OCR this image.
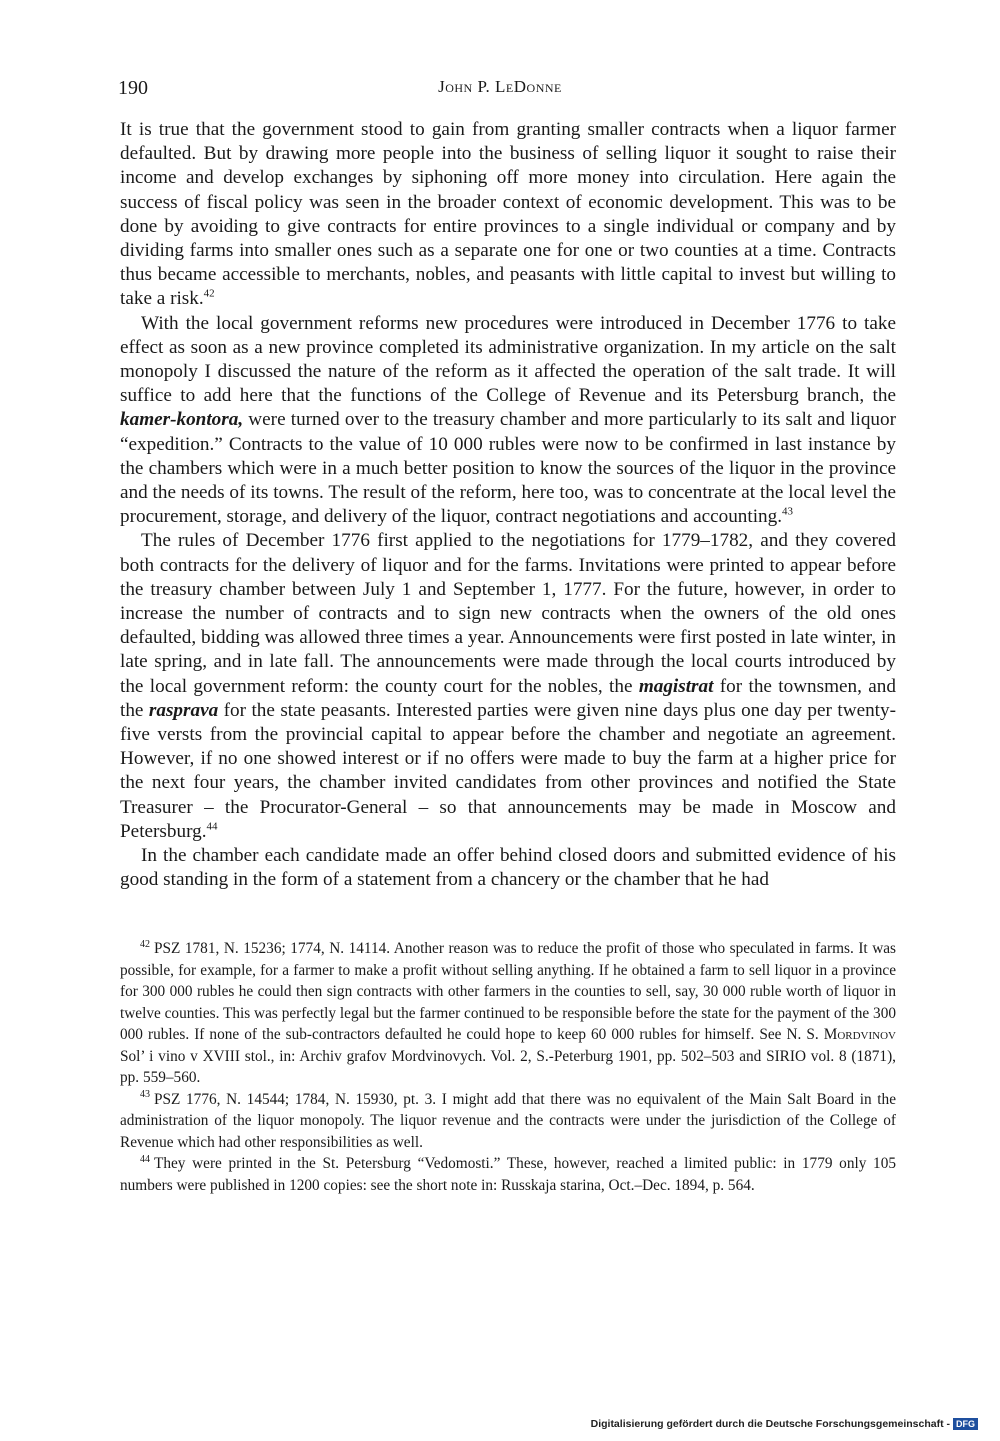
190	John P. LeDonne

It is true that the government stood to gain from granting smaller contracts when a liquor farmer defaulted. But by drawing more people into the business of selling liquor it sought to raise their income and develop exchanges by siphoning off more money into circulation. Here again the success of fiscal policy was seen in the broader context of economic development. This was to be done by avoiding to give contracts for entire provinces to a single individual or company and by dividing farms into smaller ones such as a separate one for one or two counties at a time. Contracts thus became accessible to merchants, nobles, and peasants with little capital to invest but willing to take a risk.$^{42}$

With the local government reforms new procedures were introduced in December 1776 to take effect as soon as a new province completed its administrative organization. In my article on the salt monopoly I discussed the nature of the reform as it affected the operation of the salt trade. It will suffice to add here that the functions of the College of Revenue and its Petersburg branch, the kamer-kontora, were turned over to the treasury chamber and more particularly to its salt and liquor “expedition.” Contracts to the value of 10 000 rubles were now to be confirmed in last instance by the chambers which were in a much better position to know the sources of the liquor in the province and the needs of its towns. The result of the reform, here too, was to concentrate at the local level the procurement, storage, and delivery of the liquor, contract negotiations and accounting.$^{43}$

The rules of December 1776 first applied to the negotiations for 1779–1782, and they covered both contracts for the delivery of liquor and for the farms. Invitations were printed to appear before the treasury chamber between July 1 and September 1, 1777. For the future, however, in order to increase the number of contracts and to sign new contracts when the owners of the old ones defaulted, bidding was allowed three times a year. Announcements were first posted in late winter, in late spring, and in late fall. The announcements were made through the local courts introduced by the local government reform: the county court for the nobles, the magistrat for the townsmen, and the rasprava for the state peasants. Interested parties were given nine days plus one day per twenty-five versts from the provincial capital to appear before the chamber and negotiate an agreement. However, if no one showed interest or if no offers were made to buy the farm at a higher price for the next four years, the chamber invited candidates from other provinces and notified the State Treasurer – the Procurator-General – so that announcements may be made in Moscow and Petersburg.$^{44}$

In the chamber each candidate made an offer behind closed doors and submitted evidence of his good standing in the form of a statement from a chancery or the chamber that he had

$^{42}$ PSZ 1781, N. 15236; 1774, N. 14114. Another reason was to reduce the profit of those who speculated in farms. It was possible, for example, for a farmer to make a profit without selling anything. If he obtained a farm to sell liquor in a province for 300 000 rubles he could then sign contracts with other farmers in the counties to sell, say, 30 000 ruble worth of liquor in twelve counties. This was perfectly legal but the farmer continued to be responsible before the state for the payment of the 300 000 rubles. If none of the sub-contractors defaulted he could hope to keep 60 000 rubles for himself. See N. S. Mordvinov Sol’ i vino v XVIII stol., in: Archiv grafov Mordvinovych. Vol. 2, S.-Peterburg 1901, pp. 502–503 and SIRIO vol. 8 (1871), pp. 559–560.

$^{43}$ PSZ 1776, N. 14544; 1784, N. 15930, pt. 3. I might add that there was no equivalent of the Main Salt Board in the administration of the liquor monopoly. The liquor revenue and the contracts were under the jurisdiction of the College of Revenue which had other responsibilities as well.

$^{44}$ They were printed in the St. Petersburg “Vedomosti.” These, however, reached a limited public: in 1779 only 105 numbers were published in 1200 copies: see the short note in: Russkaja starina, Oct.–Dec. 1894, p. 564.

Digitalisierung gefördert durch die Deutsche Forschungsgemeinschaft - DFG
